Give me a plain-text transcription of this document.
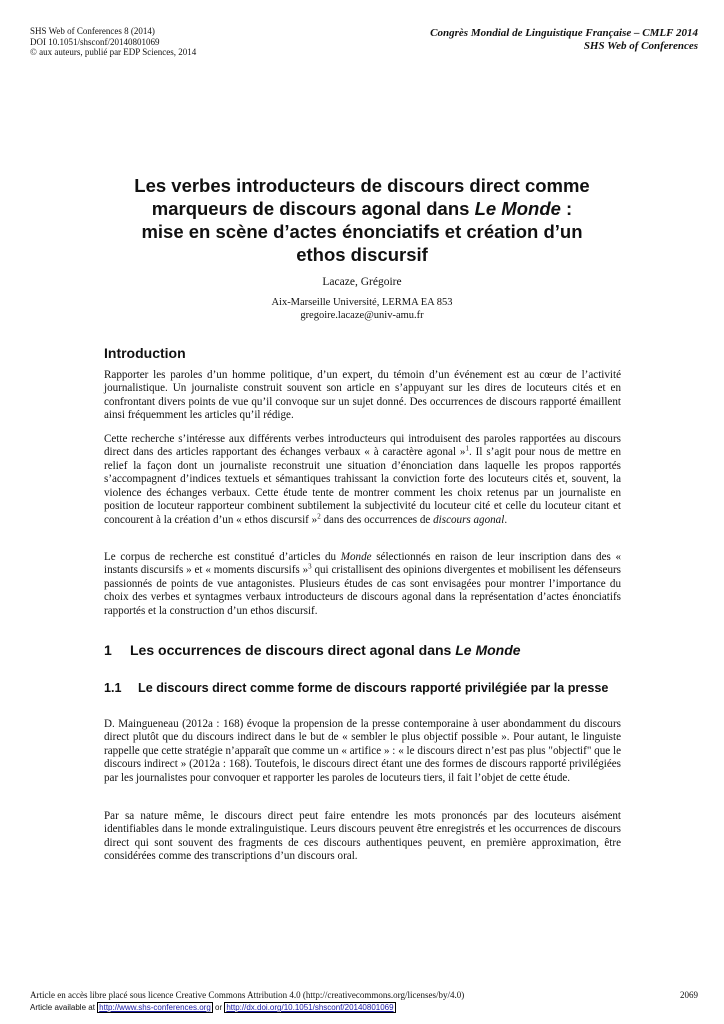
SHS Web of Conferences 8 (2014)
DOI 10.1051/shsconf/20140801069
© aux auteurs, publié par EDP Sciences, 2014
Congrès Mondial de Linguistique Française – CMLF 2014
SHS Web of Conferences
Les verbes introducteurs de discours direct comme
marqueurs de discours agonal dans Le Monde :
mise en scène d’actes énonciatifs et création d’un
ethos discursif
Lacaze, Grégoire
Aix-Marseille Université, LERMA EA 853
gregoire.lacaze@univ-amu.fr
Introduction

Rapporter les paroles d’un homme politique, d’un expert, du témoin d’un événement est au cœur de l’activité journalistique. Un journaliste construit souvent son article en s’appuyant sur les dires de locuteurs cités et en confrontant divers points de vue qu’il convoque sur un sujet donné. Des occurrences de discours rapporté émaillent ainsi fréquemment les articles qu’il rédige.

Cette recherche s’intéresse aux différents verbes introducteurs qui introduisent des paroles rapportées au discours direct dans des articles rapportant des échanges verbaux « à caractère agonal »$^1$. Il s’agit pour nous de mettre en relief la façon dont un journaliste reconstruit une situation d’énonciation dans laquelle les propos rapportés s’accompagnent d’indices textuels et sémantiques trahissant la conviction forte des locuteurs cités et, souvent, la violence des échanges verbaux. Cette étude tente de montrer comment les choix retenus par un journaliste en position de locuteur rapporteur combinent subtilement la subjectivité du locuteur cité et celle du locuteur citant et concourent à la création d’un « ethos discursif »$^2$ dans des occurrences de discours agonal.

Le corpus de recherche est constitué d’articles du Monde sélectionnés en raison de leur inscription dans des « instants discursifs » et « moments discursifs »$^3$ qui cristallisent des opinions divergentes et mobilisent les défenseurs passionnés de points de vue antagonistes. Plusieurs études de cas sont envisagées pour montrer l’importance du choix des verbes et syntagmes verbaux introducteurs de discours agonal dans la représentation d’actes énonciatifs rapportés et la construction d’un ethos discursif.

1 Les occurrences de discours direct agonal dans Le Monde
1.1 Le discours direct comme forme de discours rapporté privilégiée par la presse

D. Maingueneau (2012a : 168) évoque la propension de la presse contemporaine à user abondamment du discours direct plutôt que du discours indirect dans le but de « sembler le plus objectif possible ». Pour autant, le linguiste rappelle que cette stratégie n’apparaît que comme un « artifice » : « le discours direct n’est pas plus "objectif" que le discours indirect » (2012a : 168). Toutefois, le discours direct étant une des formes de discours rapporté privilégiées par les journalistes pour convoquer et rapporter les paroles de locuteurs tiers, il fait l’objet de cette étude.

Par sa nature même, le discours direct peut faire entendre les mots prononcés par des locuteurs aisément identifiables dans le monde extralinguistique. Leurs discours peuvent être enregistrés et les occurrences de discours direct qui sont souvent des fragments de ces discours authentiques peuvent, en première approximation, être considérées comme des transcriptions d’un discours oral.

Article en accès libre placé sous licence Creative Commons Attribution 4.0 (http://creativecommons.org/licenses/by/4.0)	2069
Article available at http://www.shs-conferences.org or http://dx.doi.org/10.1051/shsconf/20140801069
